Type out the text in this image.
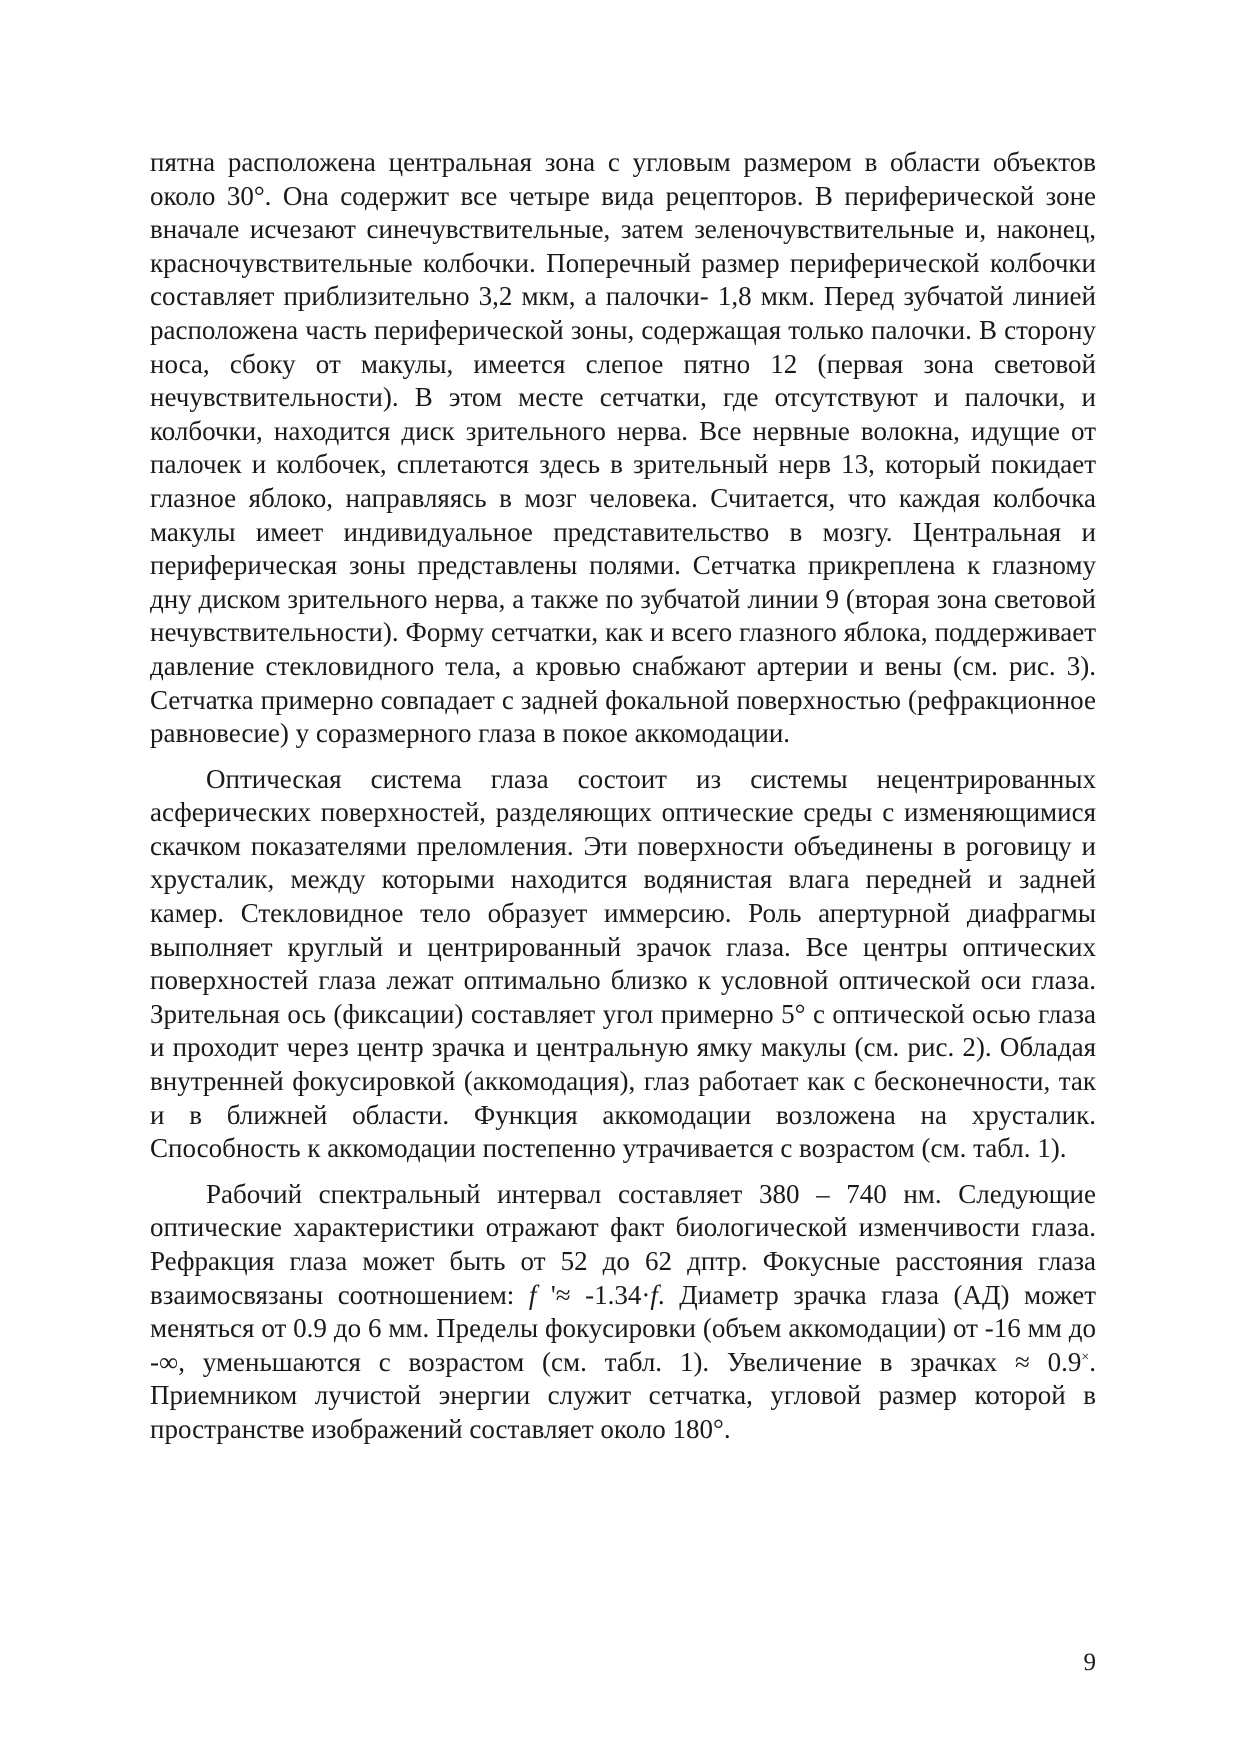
пятна расположена центральная зона с угловым размером в области объектов около 30°. Она содержит все четыре вида рецепторов. В периферической зоне вначале исчезают синечувствительные, затем зеленочувствительные и, наконец, красночувствительные колбочки. Поперечный размер периферической колбочки составляет приблизительно 3,2 мкм, а палочки- 1,8 мкм. Перед зубчатой линией расположена часть периферической зоны, содержащая только палочки. В сторону носа, сбоку от макулы, имеется слепое пятно 12 (первая зона световой нечувствительности). В этом месте сетчатки, где отсутствуют и палочки, и колбочки, находится диск зрительного нерва. Все нервные волокна, идущие от палочек и колбочек, сплетаются здесь в зрительный нерв 13, который покидает глазное яблоко, направляясь в мозг человека. Считается, что каждая колбочка макулы имеет индивидуальное представительство в мозгу. Центральная и периферическая зоны представлены полями. Сетчатка прикреплена к глазному дну диском зрительного нерва, а также по зубчатой линии 9 (вторая зона световой нечувствительности). Форму сетчатки, как и всего глазного яблока, поддерживает давление стекловидного тела, а кровью снабжают артерии и вены (см. рис. 3). Сетчатка примерно совпадает с задней фокальной поверхностью (рефракционное равновесие) у соразмерного глаза в покое аккомодации.

Оптическая система глаза состоит из системы нецентрированных асферических поверхностей, разделяющих оптические среды с изменяющимися скачком показателями преломления. Эти поверхности объединены в роговицу и хрусталик, между которыми находится водянистая влага передней и задней камер. Стекловидное тело образует иммерсию. Роль апертурной диафрагмы выполняет круглый и центрированный зрачок глаза. Все центры оптических поверхностей глаза лежат оптимально близко к условной оптической оси глаза. Зрительная ось (фиксации) составляет угол примерно 5° с оптической осью глаза и проходит через центр зрачка и центральную ямку макулы (см. рис. 2). Обладая внутренней фокусировкой (аккомодация), глаз работает как с бесконечности, так и в ближней области. Функция аккомодации возложена на хрусталик. Способность к аккомодации постепенно утрачивается с возрастом (см. табл. 1).

Рабочий спектральный интервал составляет 380 – 740 нм. Следующие оптические характеристики отражают факт биологической изменчивости глаза. Рефракция глаза может быть от 52 до 62 дптр. Фокусные расстояния глаза взаимосвязаны соотношением: f '≈ -1.34·f. Диаметр зрачка глаза (АД) может меняться от 0.9 до 6 мм. Пределы фокусировки (объем аккомодации) от -16 мм до -∞, уменьшаются с возрастом (см. табл. 1). Увеличение в зрачках ≈ 0.9×. Приемником лучистой энергии служит сетчатка, угловой размер которой в пространстве изображений составляет около 180°.

9
